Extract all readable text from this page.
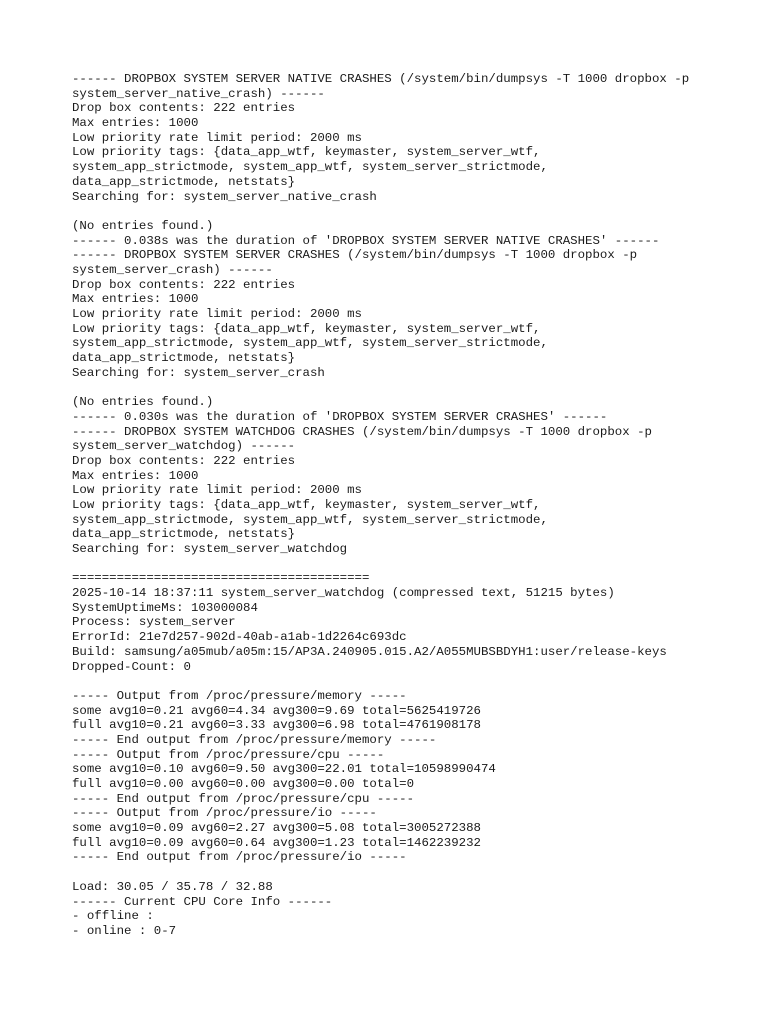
------ DROPBOX SYSTEM SERVER NATIVE CRASHES (/system/bin/dumpsys -T 1000 dropbox -p
system_server_native_crash) ------
Drop box contents: 222 entries
Max entries: 1000
Low priority rate limit period: 2000 ms
Low priority tags: {data_app_wtf, keymaster, system_server_wtf,
system_app_strictmode, system_app_wtf, system_server_strictmode,
data_app_strictmode, netstats}
Searching for: system_server_native_crash
(No entries found.)
------ 0.038s was the duration of 'DROPBOX SYSTEM SERVER NATIVE CRASHES' ------
------ DROPBOX SYSTEM SERVER CRASHES (/system/bin/dumpsys -T 1000 dropbox -p
system_server_crash) ------
Drop box contents: 222 entries
Max entries: 1000
Low priority rate limit period: 2000 ms
Low priority tags: {data_app_wtf, keymaster, system_server_wtf,
system_app_strictmode, system_app_wtf, system_server_strictmode,
data_app_strictmode, netstats}
Searching for: system_server_crash
(No entries found.)
------ 0.030s was the duration of 'DROPBOX SYSTEM SERVER CRASHES' ------
------ DROPBOX SYSTEM WATCHDOG CRASHES (/system/bin/dumpsys -T 1000 dropbox -p
system_server_watchdog) ------
Drop box contents: 222 entries
Max entries: 1000
Low priority rate limit period: 2000 ms
Low priority tags: {data_app_wtf, keymaster, system_server_wtf,
system_app_strictmode, system_app_wtf, system_server_strictmode,
data_app_strictmode, netstats}
Searching for: system_server_watchdog
========================================
2025-10-14 18:37:11 system_server_watchdog (compressed text, 51215 bytes)
SystemUptimeMs: 103000084
Process: system_server
ErrorId: 21e7d257-902d-40ab-a1ab-1d2264c693dc
Build: samsung/a05mub/a05m:15/AP3A.240905.015.A2/A055MUBSBDYH1:user/release-keys
Dropped-Count: 0
----- Output from /proc/pressure/memory -----
some avg10=0.21 avg60=4.34 avg300=9.69 total=5625419726
full avg10=0.21 avg60=3.33 avg300=6.98 total=4761908178
----- End output from /proc/pressure/memory -----
----- Output from /proc/pressure/cpu -----
some avg10=0.10 avg60=9.50 avg300=22.01 total=10598990474
full avg10=0.00 avg60=0.00 avg300=0.00 total=0
----- End output from /proc/pressure/cpu -----
----- Output from /proc/pressure/io -----
some avg10=0.09 avg60=2.27 avg300=5.08 total=3005272388
full avg10=0.09 avg60=0.64 avg300=1.23 total=1462239232
----- End output from /proc/pressure/io -----
Load: 30.05 / 35.78 / 32.88
------ Current CPU Core Info ------
- offline :
- online : 0-7
